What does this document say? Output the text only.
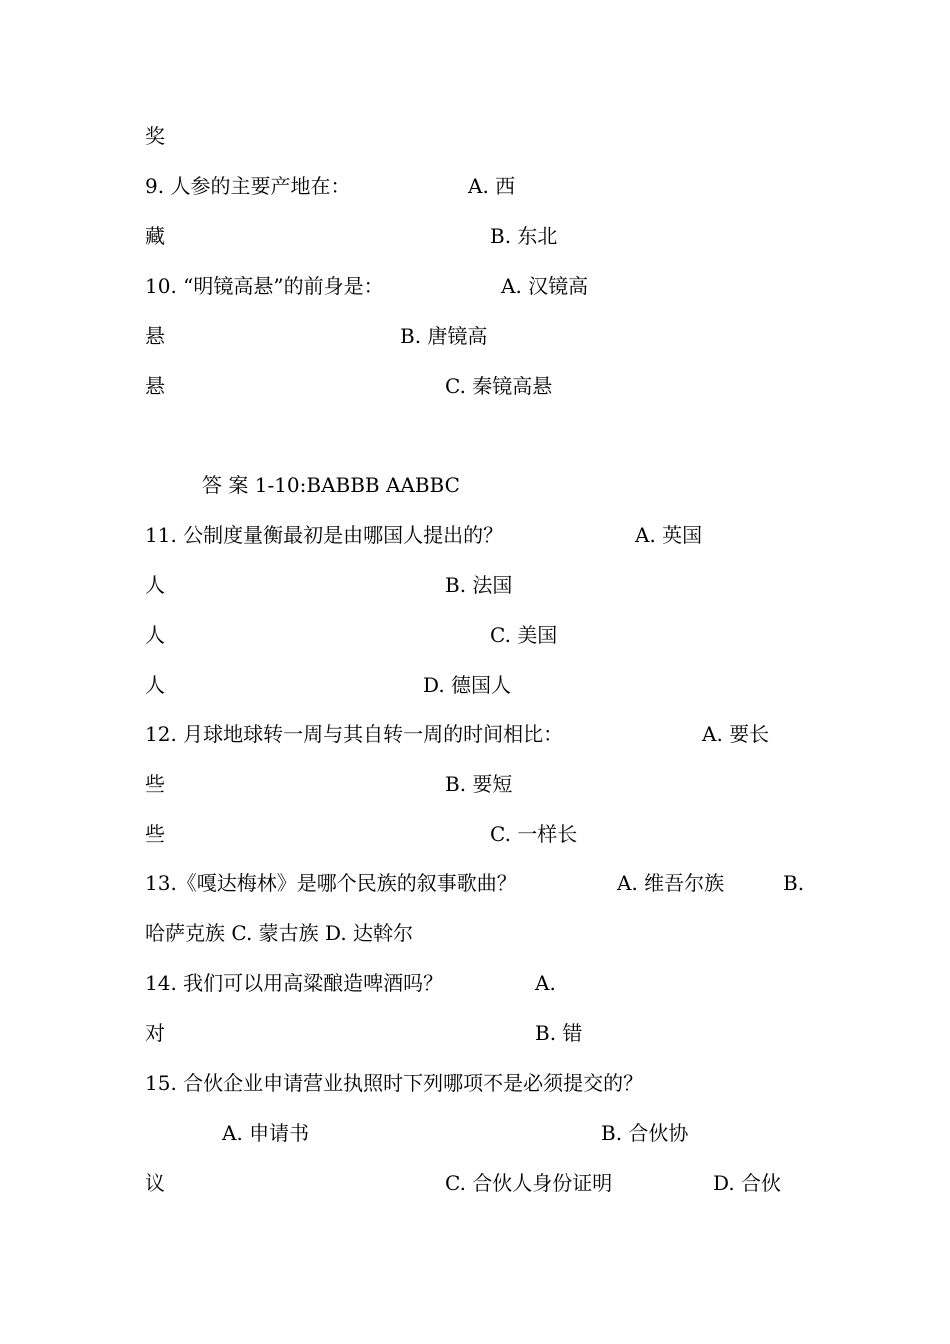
奖
9. 人参的主要产地在：	A. 西
藏	B. 东北
10. “明镜高悬”的前身是：	A. 汉镜高
悬	B. 唐镜高
悬	C. 秦镜高悬
答 案 1-10:BABBB AABBC
11. 公制度量衡最初是由哪国人提出的？	A. 英国
人	B. 法国
人	C. 美国
人	D. 德国人
12. 月球地球转一周与其自转一周的时间相比：	A. 要长
些	B. 要短
些	C. 一样长
13.《嘎达梅林》是哪个民族的叙事歌曲？	A. 维吾尔族	B.
哈萨克族 C. 蒙古族 D. 达斡尔
14. 我们可以用高粱酿造啤酒吗？	A.
对	B. 错
15. 合伙企业申请营业执照时下列哪项不是必须提交的？
A. 申请书	B. 合伙协
议	C. 合伙人身份证明	D. 合伙
